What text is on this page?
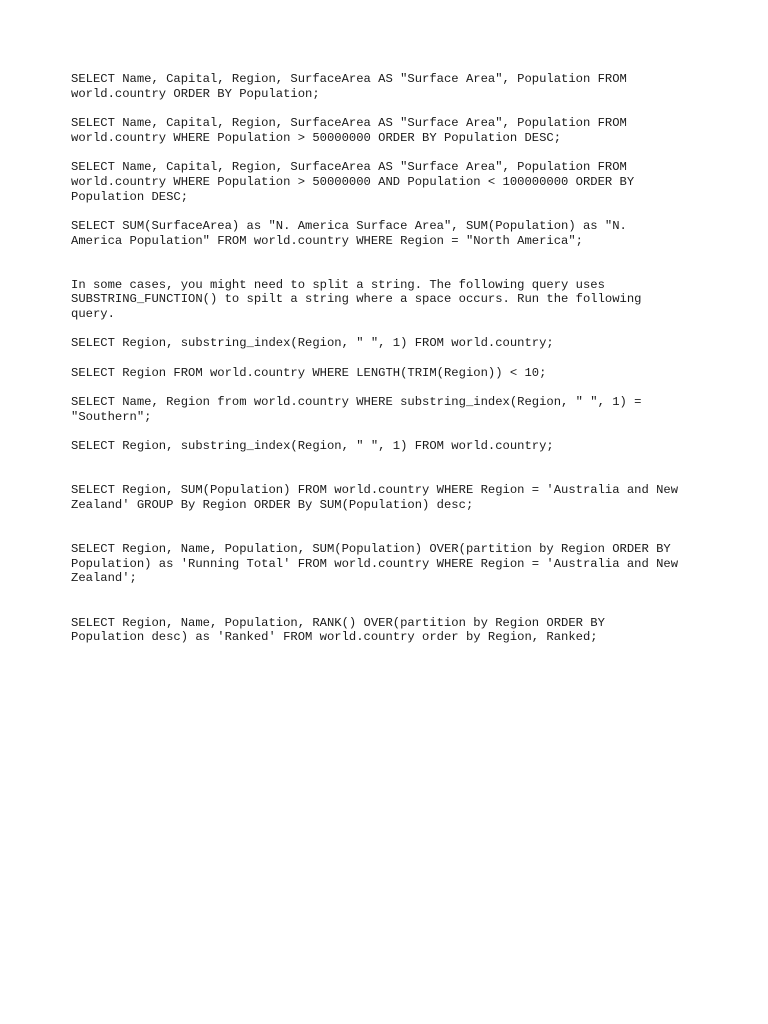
SELECT Name, Capital, Region, SurfaceArea AS "Surface Area", Population FROM
world.country ORDER BY Population;
SELECT Name, Capital, Region, SurfaceArea AS "Surface Area", Population FROM
world.country WHERE Population > 50000000 ORDER BY Population DESC;
SELECT Name, Capital, Region, SurfaceArea AS "Surface Area", Population FROM
world.country WHERE Population > 50000000 AND Population < 100000000 ORDER BY
Population DESC;
SELECT SUM(SurfaceArea) as "N. America Surface Area", SUM(Population) as "N.
America Population" FROM world.country WHERE Region = "North America";
In some cases, you might need to split a string. The following query uses
SUBSTRING_FUNCTION() to spilt a string where a space occurs. Run the following
query.
SELECT Region, substring_index(Region, " ", 1) FROM world.country;
SELECT Region FROM world.country WHERE LENGTH(TRIM(Region)) < 10;
SELECT Name, Region from world.country WHERE substring_index(Region, " ", 1) =
"Southern";
SELECT Region, substring_index(Region, " ", 1) FROM world.country;
SELECT Region, SUM(Population) FROM world.country WHERE Region = 'Australia and New
Zealand' GROUP By Region ORDER By SUM(Population) desc;
SELECT Region, Name, Population, SUM(Population) OVER(partition by Region ORDER BY
Population) as 'Running Total' FROM world.country WHERE Region = 'Australia and New
Zealand';
SELECT Region, Name, Population, RANK() OVER(partition by Region ORDER BY
Population desc) as 'Ranked' FROM world.country order by Region, Ranked;
